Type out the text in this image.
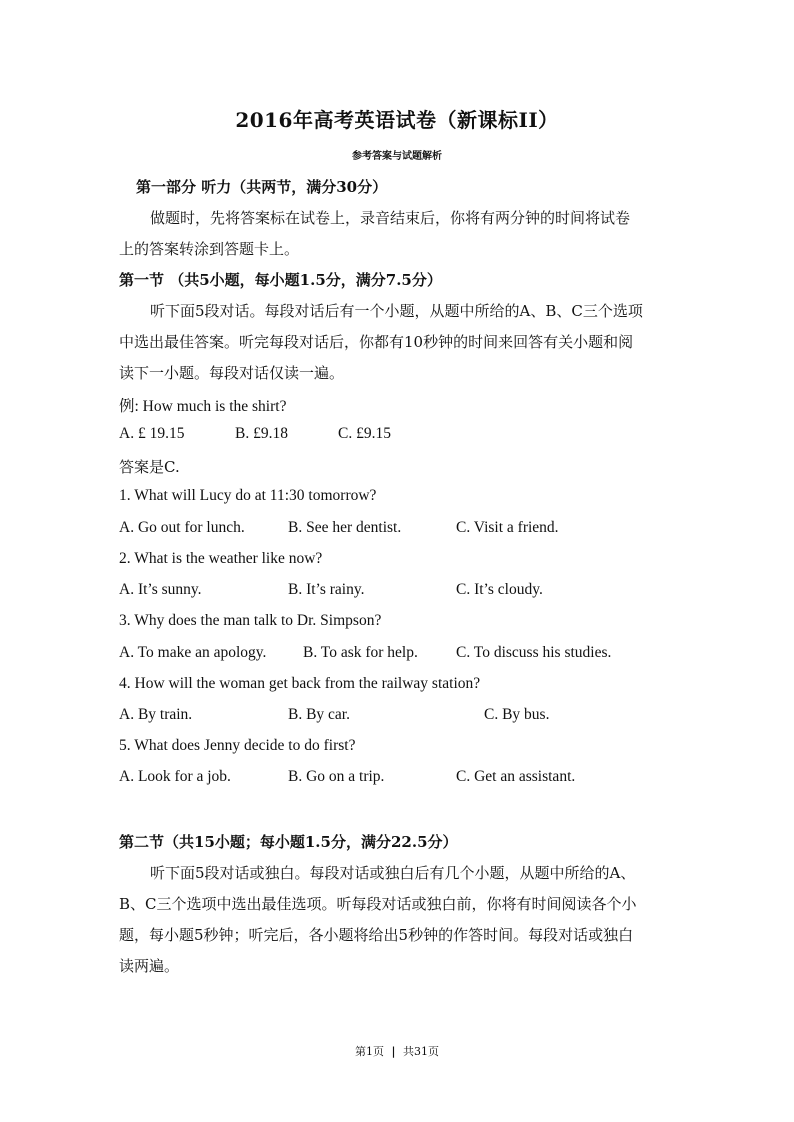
2016年高考英语试卷（新课标II）
参考答案与试题解析
第一部分 听力（共两节，满分30分）
做题时，先将答案标在试卷上，录音结束后，你将有两分钟的时间将试卷
上的答案转涂到答题卡上。
第一节 （共5小题，每小题1.5分，满分7.5分）
听下面5段对话。每段对话后有一个小题，从题中所给的A、B、C三个选项
中选出最佳答案。听完每段对话后，你都有10秒钟的时间来回答有关小题和阅
读下一小题。每段对话仅读一遍。
例: How much is the shirt?
A. £ 19.15	B. £9.18	C. £9.15
答案是C.
1. What will Lucy do at 11:30 tomorrow?
A. Go out for lunch.	B. See her dentist.	C. Visit a friend.
2. What is the weather like now?
A. It’s sunny.	B. It’s rainy.	C. It’s cloudy.
3. Why does the man talk to Dr. Simpson?
A. To make an apology. B. To ask for help. C. To discuss his studies.
4. How will the woman get back from the railway station?
A. By train.	B. By car.	C. By bus.
5. What does Jenny decide to do first?
A. Look for a job.	B. Go on a trip.	C. Get an assistant.
第二节（共15小题；每小题1.5分，满分22.5分）
听下面5段对话或独白。每段对话或独白后有几个小题，从题中所给的A、
B、C三个选项中选出最佳选项。听每段对话或独白前，你将有时间阅读各个小
题，每小题5秒钟；听完后，各小题将给出5秒钟的作答时间。每段对话或独白
读两遍。
第1页 | 共31页
